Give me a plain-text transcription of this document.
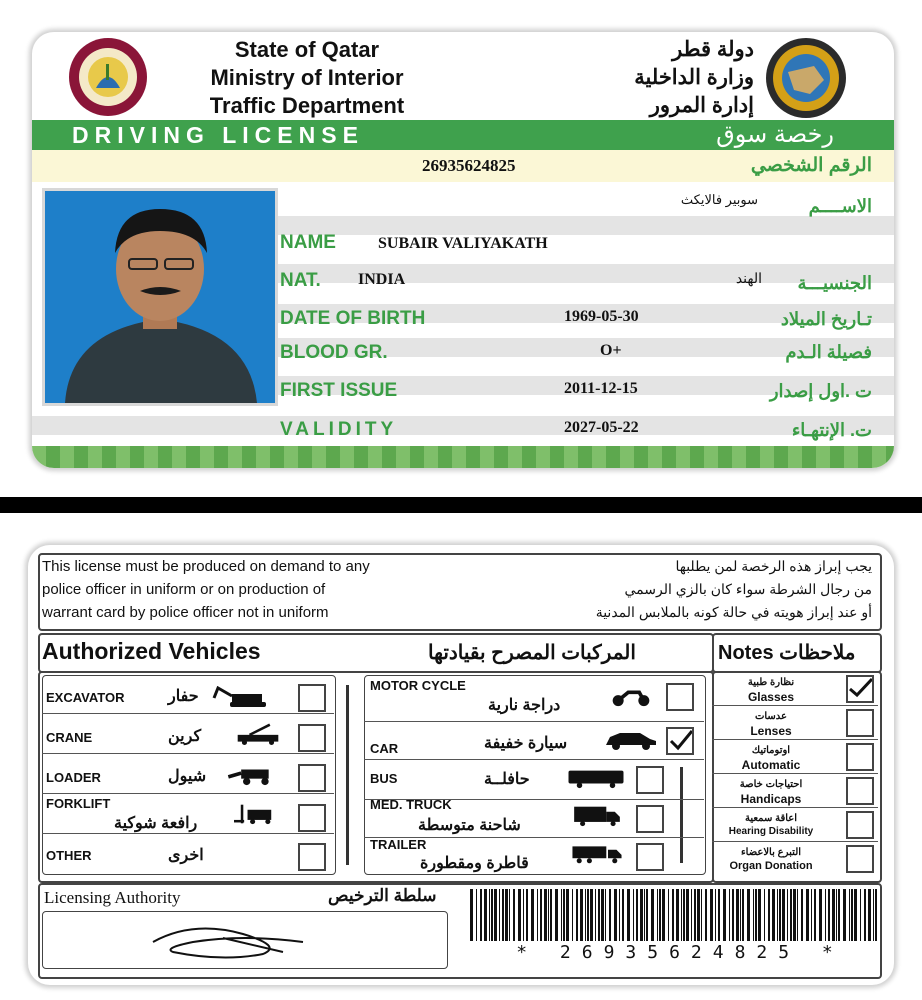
State of Qatar
Ministry of Interior
Traffic Department
دولة قطر
وزارة الداخلية
إدارة المرور
DRIVING LICENSE	رخصة سوق
26935624825	الرقم الشخصي
سوبير فالايكث	الاســــم
NAME	SUBAIR VALIYAKATH
NAT. INDIA	الهند الجنسيـــة
DATE OF BIRTH	1969-05-30	تـاريخ الميلاد
BLOOD GR.	O+	فصيلة الـدم
FIRST ISSUE	2011-12-15	ت .اول إصدار
VALIDITY	2027-05-22	ت. الإنتهـاء
This license must be produced on demand to any
police officer in uniform or on production of
warrant card by police officer not in uniform
يجب إبراز هذه الرخصة لمن يطلبها
من رجال الشرطة سواء كان بالزي الرسمي
أو عند إبراز هويته في حالة كونه بالملابس المدنية
Authorized Vehicles	المركبات المصرح بقيادتها	Notes ملاحظات
EXCAVATOR	حفار
CRANE	كرين
LOADER	شيول
FORKLIFT
رافعة شوكية
OTHER	اخرى
MOTOR CYCLE
دراجة نارية
CAR	سيارة خفيفة
BUS	حافلــة
MED. TRUCK
شاحنة متوسطة
TRAILER
قاطرة ومقطورة
نظارة طبية
Glasses
عدسات
Lenses
اوتوماتيك
Automatic
احتياجات خاصة
Handicaps
اعاقة سمعية
Hearing Disability
التبرع بالاعضاء
Organ Donation
Licensing Authority	سلطة الترخيص
* 26935624825 *
